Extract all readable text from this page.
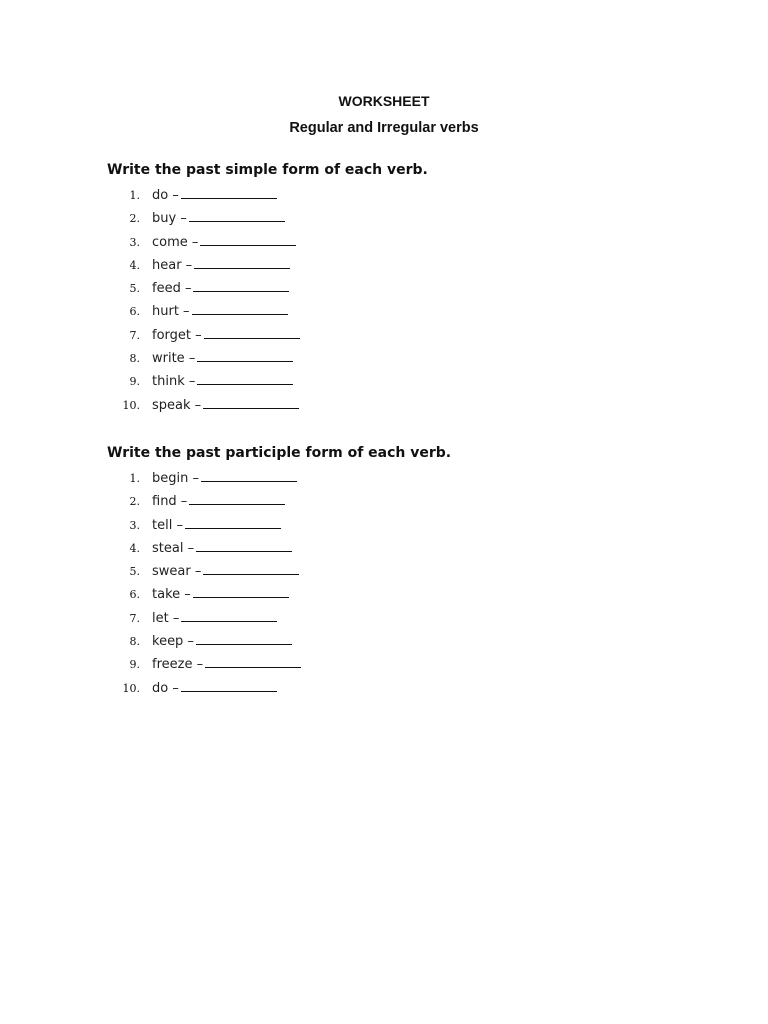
WORKSHEET
Regular and Irregular verbs
Write the past simple form of each verb.
1. do –
2. buy –
3. come –
4. hear –
5. feed –
6. hurt –
7. forget –
8. write –
9. think –
10. speak –
Write the past participle form of each verb.
1. begin –
2. find –
3. tell –
4. steal –
5. swear –
6. take –
7. let –
8. keep –
9. freeze –
10. do –
